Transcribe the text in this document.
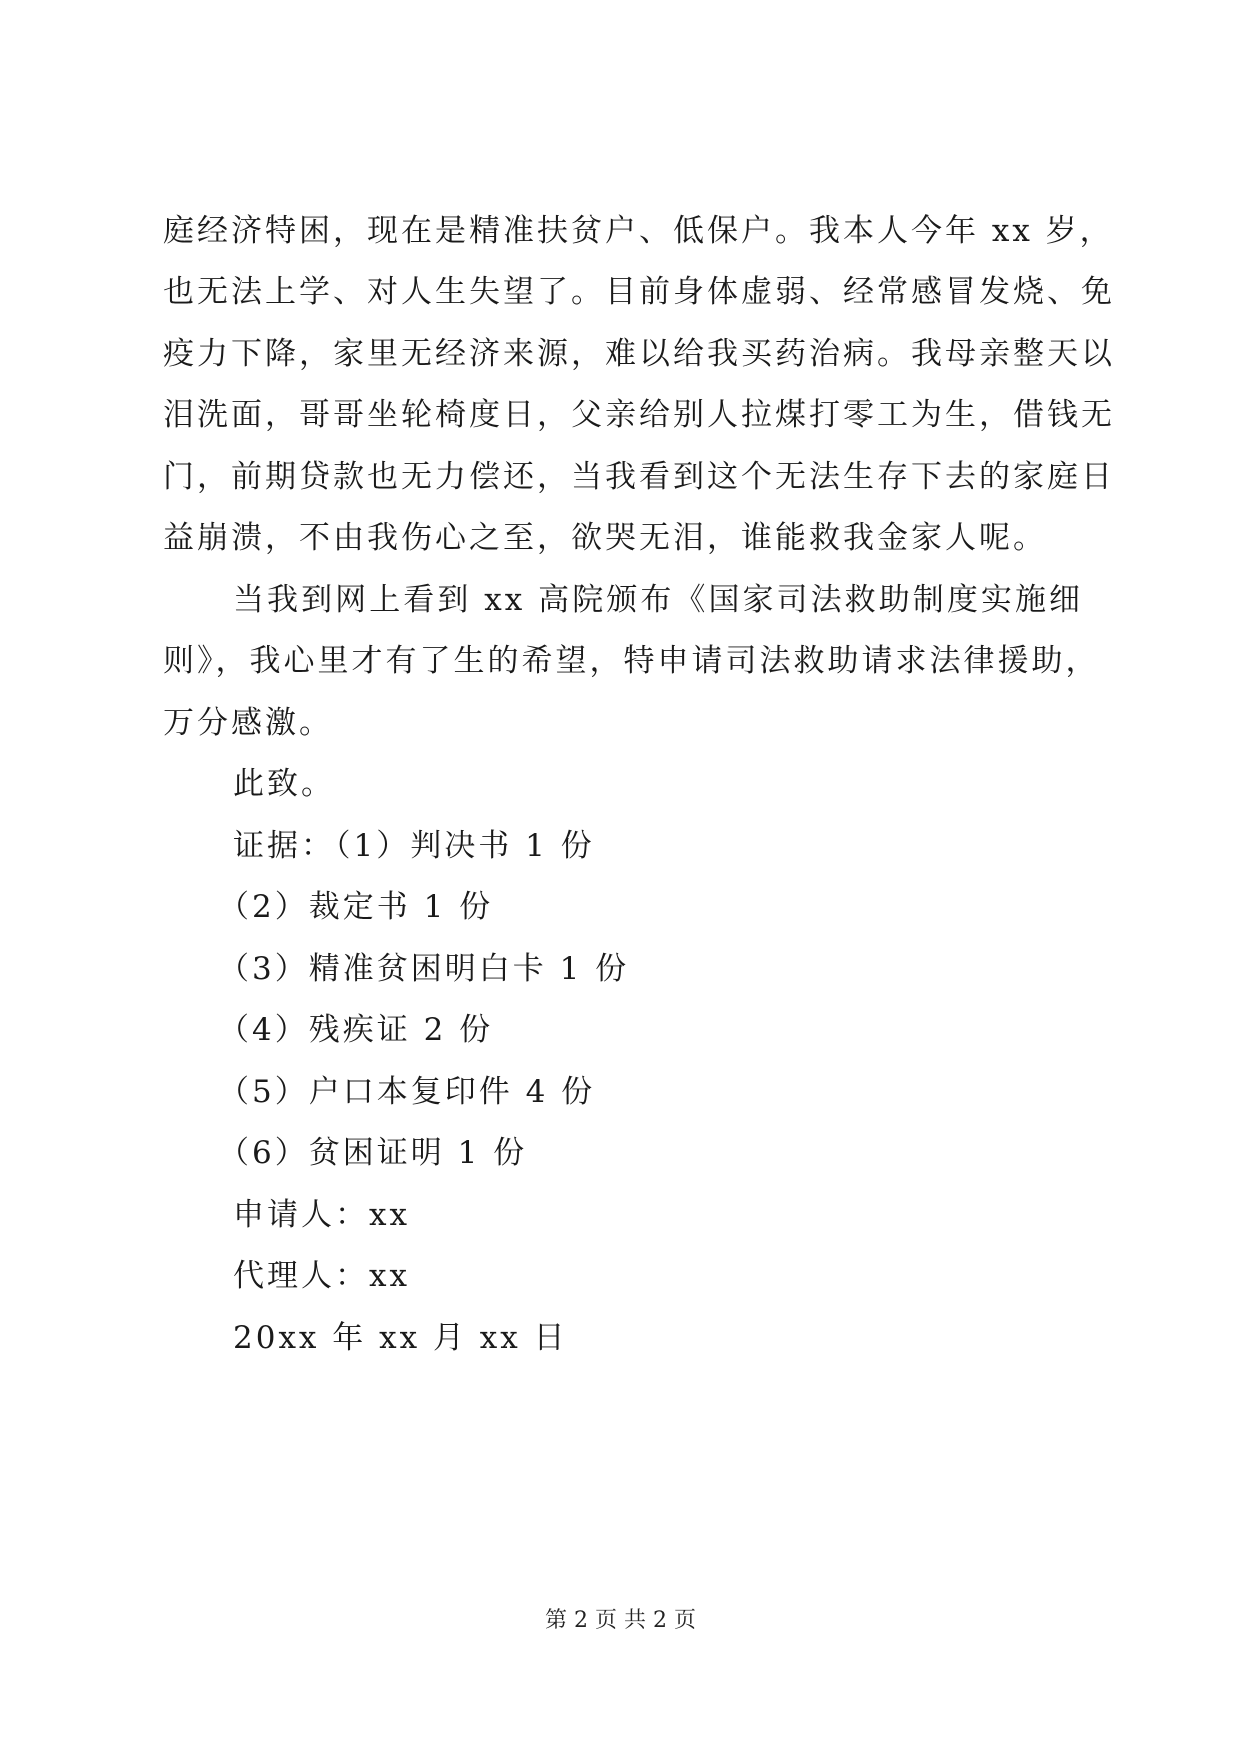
庭经济特困，现在是精准扶贫户、低保户。我本人今年 xx 岁，
也无法上学、对人生失望了。目前身体虚弱、经常感冒发烧、免
疫力下降，家里无经济来源，难以给我买药治病。我母亲整天以
泪洗面，哥哥坐轮椅度日，父亲给别人拉煤打零工为生，借钱无
门，前期贷款也无力偿还，当我看到这个无法生存下去的家庭日
益崩溃，不由我伤心之至，欲哭无泪，谁能救我金家人呢。
当我到网上看到 xx 高院颁布《国家司法救助制度实施细
则》，我心里才有了生的希望，特申请司法救助请求法律援助，
万分感激。
此致。
证据：（1）判决书 1 份
（2）裁定书 1 份
（3）精准贫困明白卡 1 份
（4）残疾证 2 份
（5）户口本复印件 4 份
（6）贫困证明 1 份
申请人：xx
代理人：xx
20xx 年 xx 月 xx 日
第 2 页 共 2 页
